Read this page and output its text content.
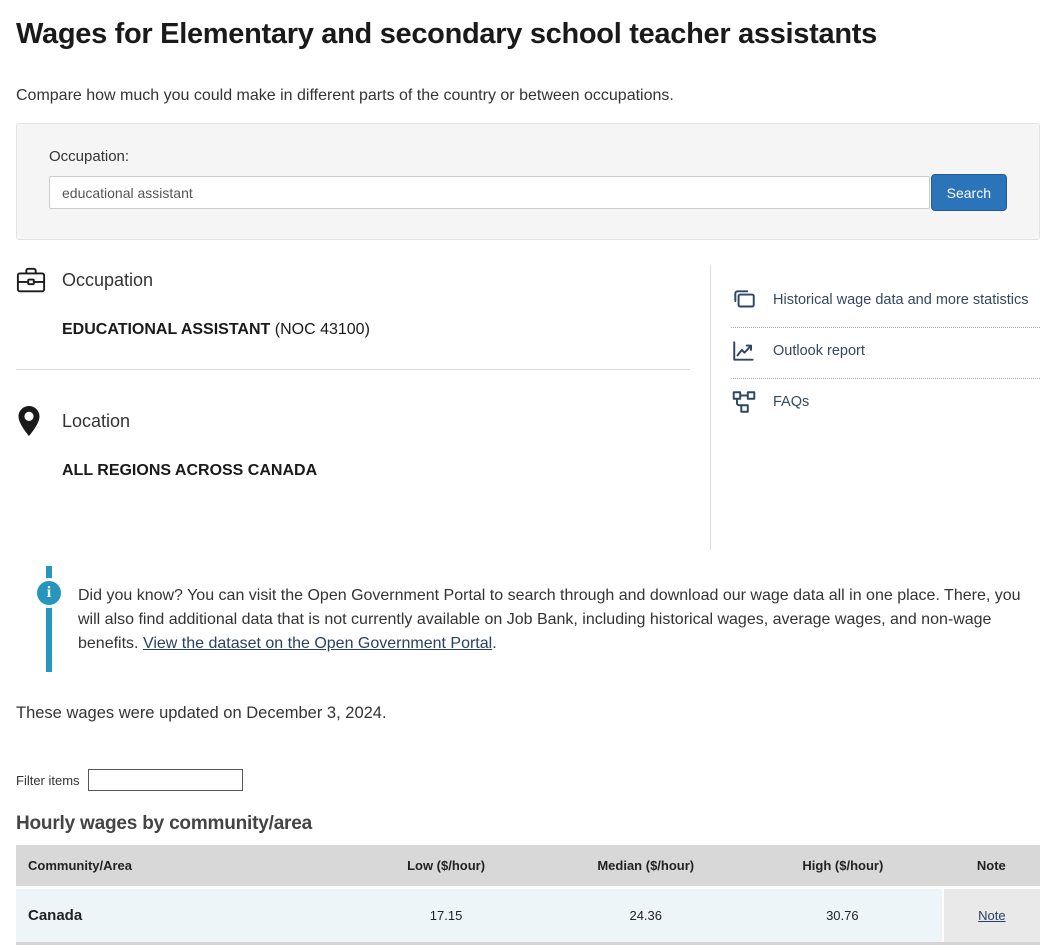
Wages for Elementary and secondary school teacher assistants

Compare how much you could make in different parts of the country or between occupations.

Occupation:
educational assistant
Search
Occupation

EDUCATIONAL ASSISTANT (NOC 43100)

Location

ALL REGIONS ACROSS CANADA

Historical wage data and more statistics
Outlook report
FAQs
i	Did you know? You can visit the Open Government Portal to search through and download our wage data all in one place. There, you will also find additional data that is not currently available on Job Bank, including historical wages, average wages, and non-wage benefits. View the dataset on the Open Government Portal.

These wages were updated on December 3, 2024.

Filter items
Hourly wages by community/area
Community/Area	Low ($/hour)	Median ($/hour)	High ($/hour)	Note
Canada	17.15	24.36	30.76	Note
